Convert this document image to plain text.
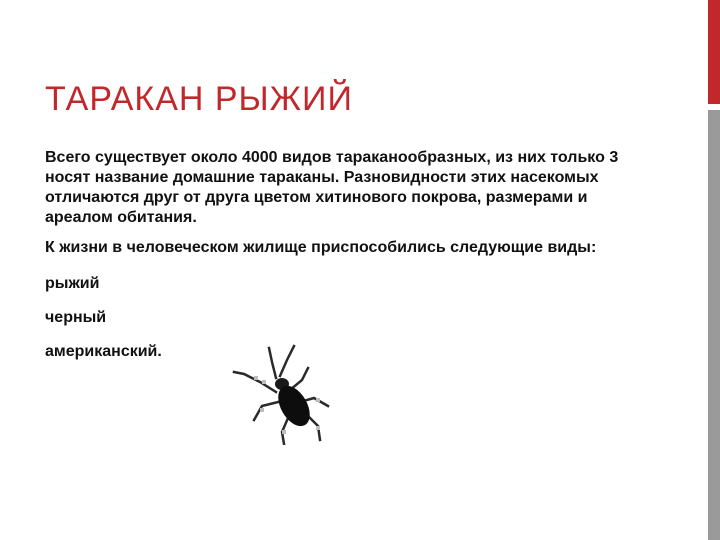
ТАРАКАН РЫЖИЙ

Всего существует около 4000 видов тараканообразных, из них только 3 носят название домашние тараканы. Разновидности этих насекомых отличаются друг от друга цветом хитинового покрова, размерами и ареалом обитания.

К жизни в человеческом жилище приспособились следующие виды:

рыжий

черный

американский.
